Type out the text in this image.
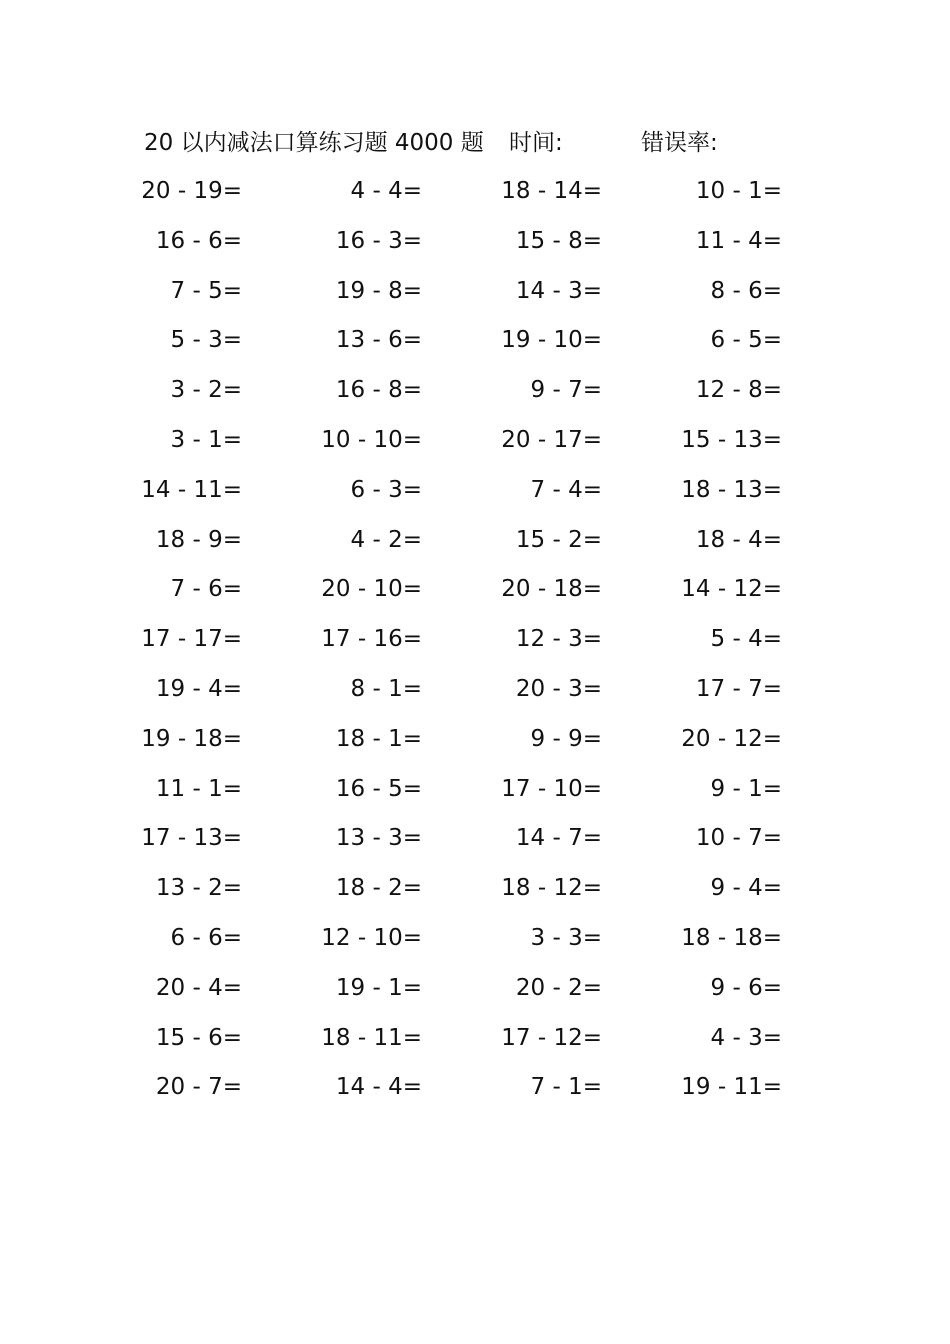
20 以内减法口算练习题 4000 题 时间:	错误率:
20 - 19=	4 - 4=	18 - 14=	10 - 1=
16 - 6=	16 - 3=	15 - 8=	11 - 4=
7 - 5=	19 - 8=	14 - 3=	8 - 6=
5 - 3=	13 - 6=	19 - 10=	6 - 5=
3 - 2=	16 - 8=	9 - 7=	12 - 8=
3 - 1=	10 - 10=	20 - 17=	15 - 13=
14 - 11=	6 - 3=	7 - 4=	18 - 13=
18 - 9=	4 - 2=	15 - 2=	18 - 4=
7 - 6=	20 - 10=	20 - 18=	14 - 12=
17 - 17=	17 - 16=	12 - 3=	5 - 4=
19 - 4=	8 - 1=	20 - 3=	17 - 7=
19 - 18=	18 - 1=	9 - 9=	20 - 12=
11 - 1=	16 - 5=	17 - 10=	9 - 1=
17 - 13=	13 - 3=	14 - 7=	10 - 7=
13 - 2=	18 - 2=	18 - 12=	9 - 4=
6 - 6=	12 - 10=	3 - 3=	18 - 18=
20 - 4=	19 - 1=	20 - 2=	9 - 6=
15 - 6=	18 - 11=	17 - 12=	4 - 3=
20 - 7=	14 - 4=	7 - 1=	19 - 11=
